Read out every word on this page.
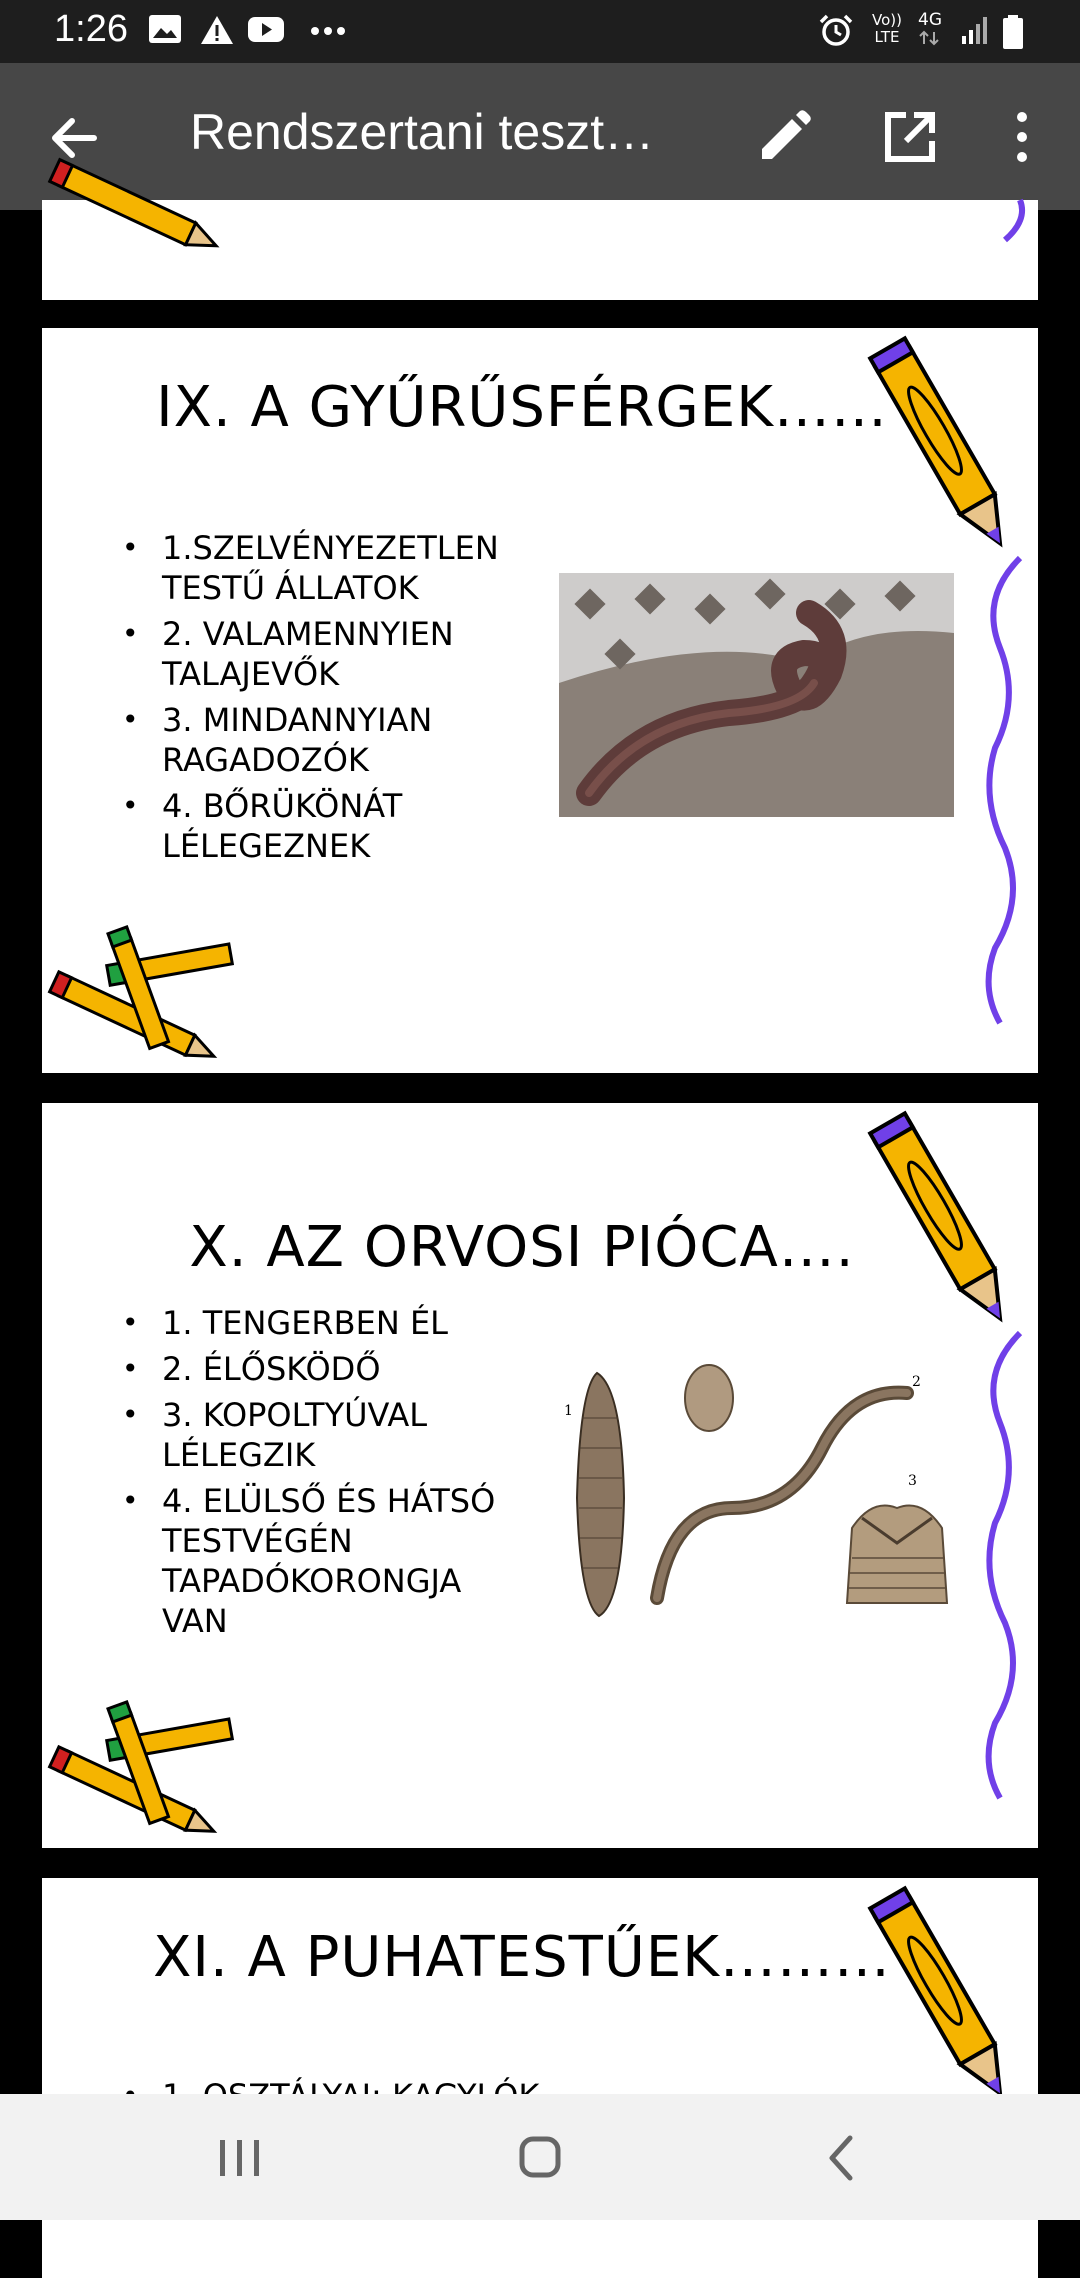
1:26	Vo))
LTE
4G
Rendszertani teszt…
IX. A GYŰRŰSFÉRGEK……
• 1.SZELVÉNYEZETLEN TESTŰ ÁLLATOK
• 2. VALAMENNYIEN TALAJEVŐK
• 3. MINDANNYIAN RAGADOZÓK
• 4. BŐRÜKÖNÁT LÉLEGEZNEK
X. AZ ORVOSI PIÓCA….
• 1. TENGERBEN ÉL
• 2. ÉLŐSKÖDŐ
• 3. KOPOLTYÚVAL LÉLEGZIK
• 4. ELÜLSŐ ÉS HÁTSÓ TESTVÉGÉN TAPADÓKORONGJA VAN
1
2
3
XI. A PUHATESTŰEK………
•
